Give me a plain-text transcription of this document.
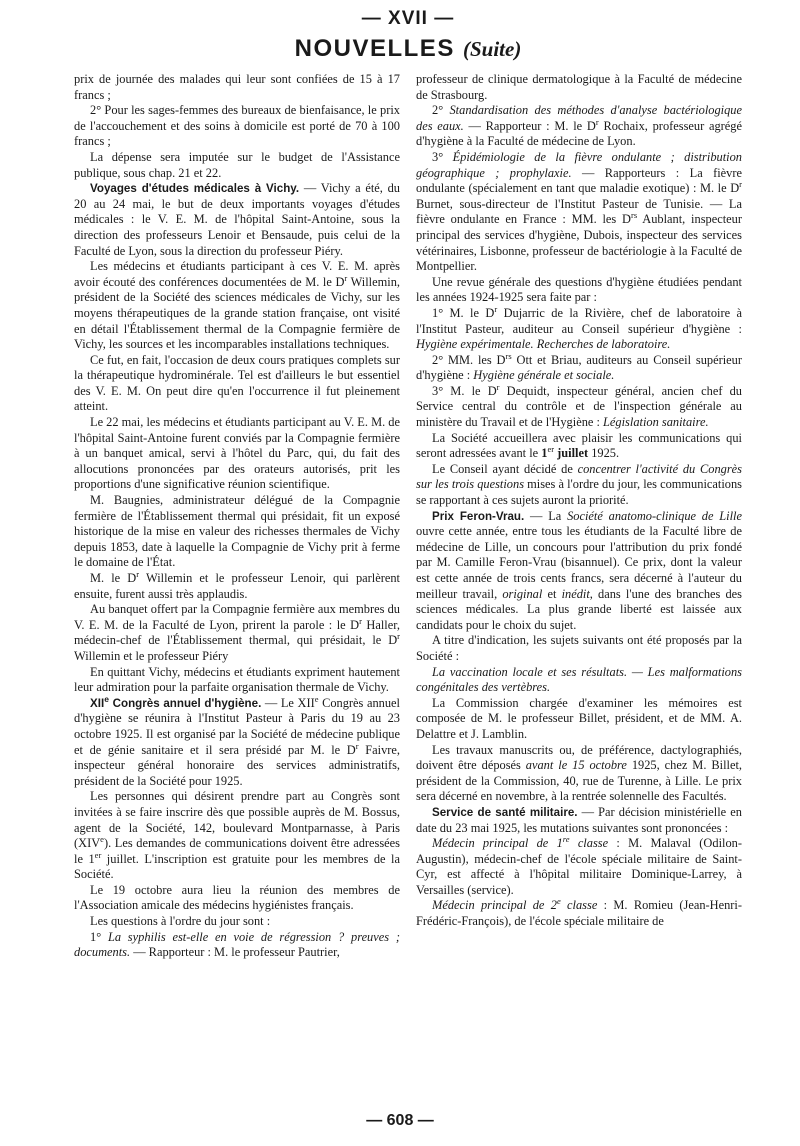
— XVII —
NOUVELLES (Suite)

prix de journée des malades qui leur sont confiées de 15 à 17 francs ;

2° Pour les sages-femmes des bureaux de bienfaisance, le prix de l'accouchement et des soins à domicile est porté de 70 à 100 francs ;

La dépense sera imputée sur le budget de l'Assistance publique, sous chap. 21 et 22.

Voyages d'études médicales à Vichy. — Vichy a été, du 20 au 24 mai, le but de deux importants voyages d'études médicales : le V. E. M. de l'hôpital Saint-Antoine, sous la direction des professeurs Lenoir et Bensaude, puis celui de la Faculté de Lyon, sous la direction du professeur Piéry.

Les médecins et étudiants participant à ces V. E. M. après avoir écouté des conférences documentées de M. le $D^r$ Willemin, président de la Société des sciences médicales de Vichy, sur les moyens thérapeutiques de la grande station française, ont visité en détail l'Établissement thermal de la Compagnie fermière de Vichy, les sources et les incomparables installations techniques.

Ce fut, en fait, l'occasion de deux cours pratiques complets sur la thérapeutique hydrominérale. Tel est d'ailleurs le but essentiel des V. E. M. On peut dire qu'en l'occurrence il fut pleinement atteint.

Le 22 mai, les médecins et étudiants participant au V. E. M. de l'hôpital Saint-Antoine furent conviés par la Compagnie fermière à un banquet amical, servi à l'hôtel du Parc, qui, du fait des allocutions prononcées par des orateurs autorisés, prit les proportions d'une significative réunion scientifique.

M. Baugnies, administrateur délégué de la Compagnie fermière de l'Établissement thermal qui présidait, fit un exposé historique de la mise en valeur des richesses thermales de Vichy depuis 1853, date à laquelle la Compagnie de Vichy prit à ferme le domaine de l'État.

M. le $D^r$ Willemin et le professeur Lenoir, qui parlèrent ensuite, furent aussi très applaudis.

Au banquet offert par la Compagnie fermière aux membres du V. E. M. de la Faculté de Lyon, prirent la parole : le $D^r$ Haller, médecin-chef de l'Établissement thermal, qui présidait, le $D^r$ Willemin et le professeur Piéry

En quittant Vichy, médecins et étudiants expriment hautement leur admiration pour la parfaite organisation thermale de Vichy.

XIIe Congrès annuel d'hygiène. — Le XIIe Congrès annuel d'hygiène se réunira à l'Institut Pasteur à Paris du 19 au 23 octobre 1925. Il est organisé par la Société de médecine publique et de génie sanitaire et il sera présidé par M. le $D^r$ Faivre, inspecteur général honoraire des services administratifs, président de la Société pour 1925.

Les personnes qui désirent prendre part au Congrès sont invitées à se faire inscrire dès que possible auprès de M. Bossus, agent de la Société, 142, boulevard Montparnasse, à Paris (XIVe). Les demandes de communications doivent être adressées le 1er juillet. L'inscription est gratuite pour les membres de la Société.

Le 19 octobre aura lieu la réunion des membres de l'Association amicale des médecins hygiénistes français.

Les questions à l'ordre du jour sont :

1° La syphilis est-elle en voie de régression ? preuves ; documents. — Rapporteur : M. le professeur Pautrier,

professeur de clinique dermatologique à la Faculté de médecine de Strasbourg.

2° Standardisation des méthodes d'analyse bactériologique des eaux. — Rapporteur : M. le $D^r$ Rochaix, professeur agrégé d'hygiène à la Faculté de médecine de Lyon.

3° Épidémiologie de la fièvre ondulante ; distribution géographique ; prophylaxie. — Rapporteurs : La fièvre ondulante (spécialement en tant que maladie exotique) : M. le $D^r$ Burnet, sous-directeur de l'Institut Pasteur de Tunisie. — La fièvre ondulante en France : MM. les $D^{rs}$ Aublant, inspecteur principal des services d'hygiène, Dubois, inspecteur des services vétérinaires, Lisbonne, professeur de bactériologie à la Faculté de Montpellier.

Une revue générale des questions d'hygiène étudiées pendant les années 1924-1925 sera faite par :

1° M. le $D^r$ Dujarric de la Rivière, chef de laboratoire à l'Institut Pasteur, auditeur au Conseil supérieur d'hygiène : Hygiène expérimentale. Recherches de laboratoire.

2° MM. les $D^{rs}$ Ott et Briau, auditeurs au Conseil supérieur d'hygiène : Hygiène générale et sociale.

3° M. le $D^r$ Dequidt, inspecteur général, ancien chef du Service central du contrôle et de l'inspection générale au ministère du Travail et de l'Hygiène : Législation sanitaire.

La Société accueillera avec plaisir les communications qui seront adressées avant le 1er juillet 1925.

Le Conseil ayant décidé de concentrer l'activité du Congrès sur les trois questions mises à l'ordre du jour, les communications se rapportant à ces sujets auront la priorité.

Prix Feron-Vrau. — La Société anatomo-clinique de Lille ouvre cette année, entre tous les étudiants de la Faculté libre de médecine de Lille, un concours pour l'attribution du prix fondé par M. Camille Feron-Vrau (bisannuel). Ce prix, dont la valeur est cette année de trois cents francs, sera décerné à l'auteur du meilleur travail, original et inédit, dans l'une des branches des sciences médicales. La plus grande liberté est laissée aux candidats pour le choix du sujet.

A titre d'indication, les sujets suivants ont été proposés par la Société :

La vaccination locale et ses résultats. — Les malformations congénitales des vertèbres.

La Commission chargée d'examiner les mémoires est composée de M. le professeur Billet, président, et de MM. A. Delattre et J. Lamblin.

Les travaux manuscrits ou, de préférence, dactylographiés, doivent être déposés avant le 15 octobre 1925, chez M. Billet, président de la Commission, 40, rue de Turenne, à Lille. Le prix sera décerné en novembre, à la rentrée solennelle des Facultés.

Service de santé militaire. — Par décision ministérielle en date du 23 mai 1925, les mutations suivantes sont prononcées :

Médecin principal de 1re classe : M. Malaval (Odilon-Augustin), médecin-chef de l'école spéciale militaire de Saint-Cyr, est affecté à l'hôpital militaire Dominique-Larrey, à Versailles (service).

Médecin principal de 2e classe : M. Romieu (Jean-Henri-Frédéric-François), de l'école spéciale militaire de

— 608 —
